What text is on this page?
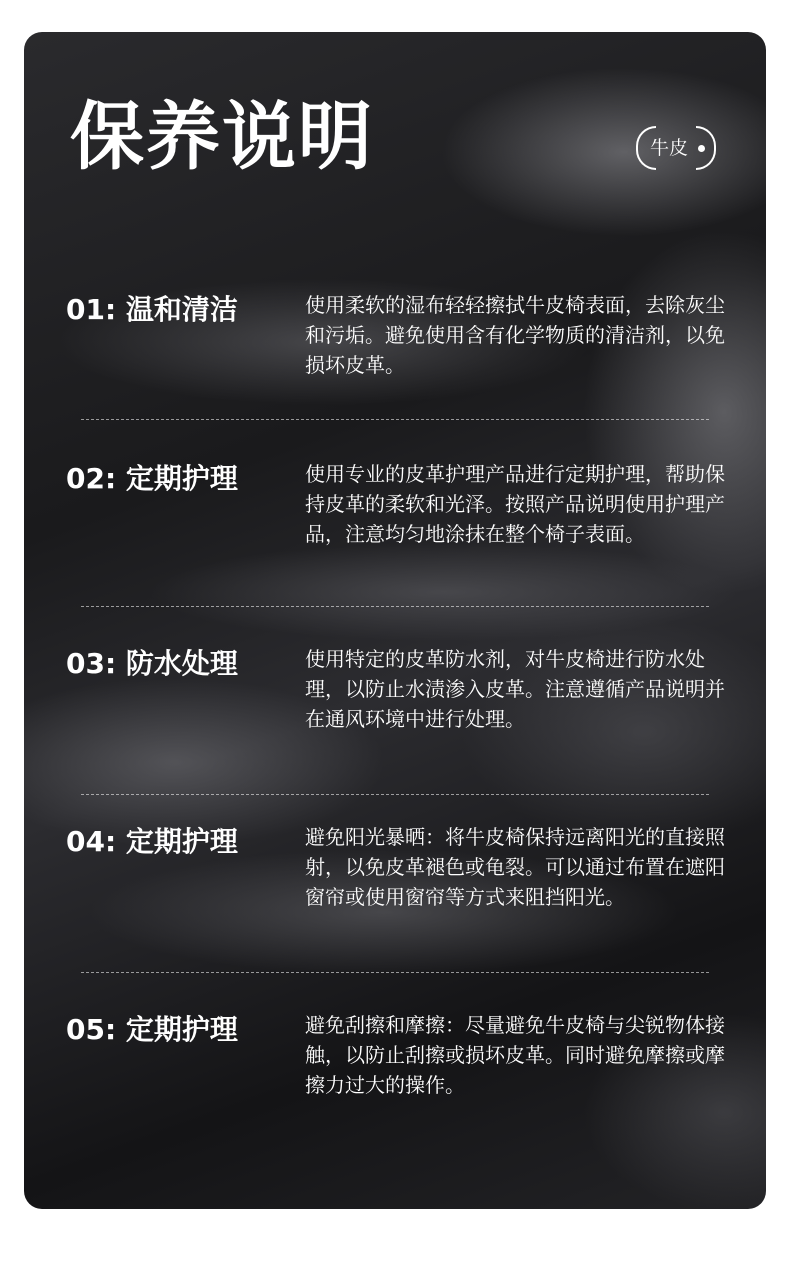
保养说明	牛皮
01: 温和清洁	使用柔软的湿布轻轻擦拭牛皮椅表面，去除灰尘和污垢。避免使用含有化学物质的清洁剂，以免损坏皮革。

02: 定期护理	使用专业的皮革护理产品进行定期护理，帮助保持皮革的柔软和光泽。按照产品说明使用护理产品，注意均匀地涂抹在整个椅子表面。

03: 防水处理	使用特定的皮革防水剂，对牛皮椅进行防水处理，以防止水渍渗入皮革。注意遵循产品说明并在通风环境中进行处理。

04: 定期护理	避免阳光暴晒：将牛皮椅保持远离阳光的直接照射，以免皮革褪色或龟裂。可以通过布置在遮阳窗帘或使用窗帘等方式来阻挡阳光。

05: 定期护理	避免刮擦和摩擦：尽量避免牛皮椅与尖锐物体接触，以防止刮擦或损坏皮革。同时避免摩擦或摩擦力过大的操作。
